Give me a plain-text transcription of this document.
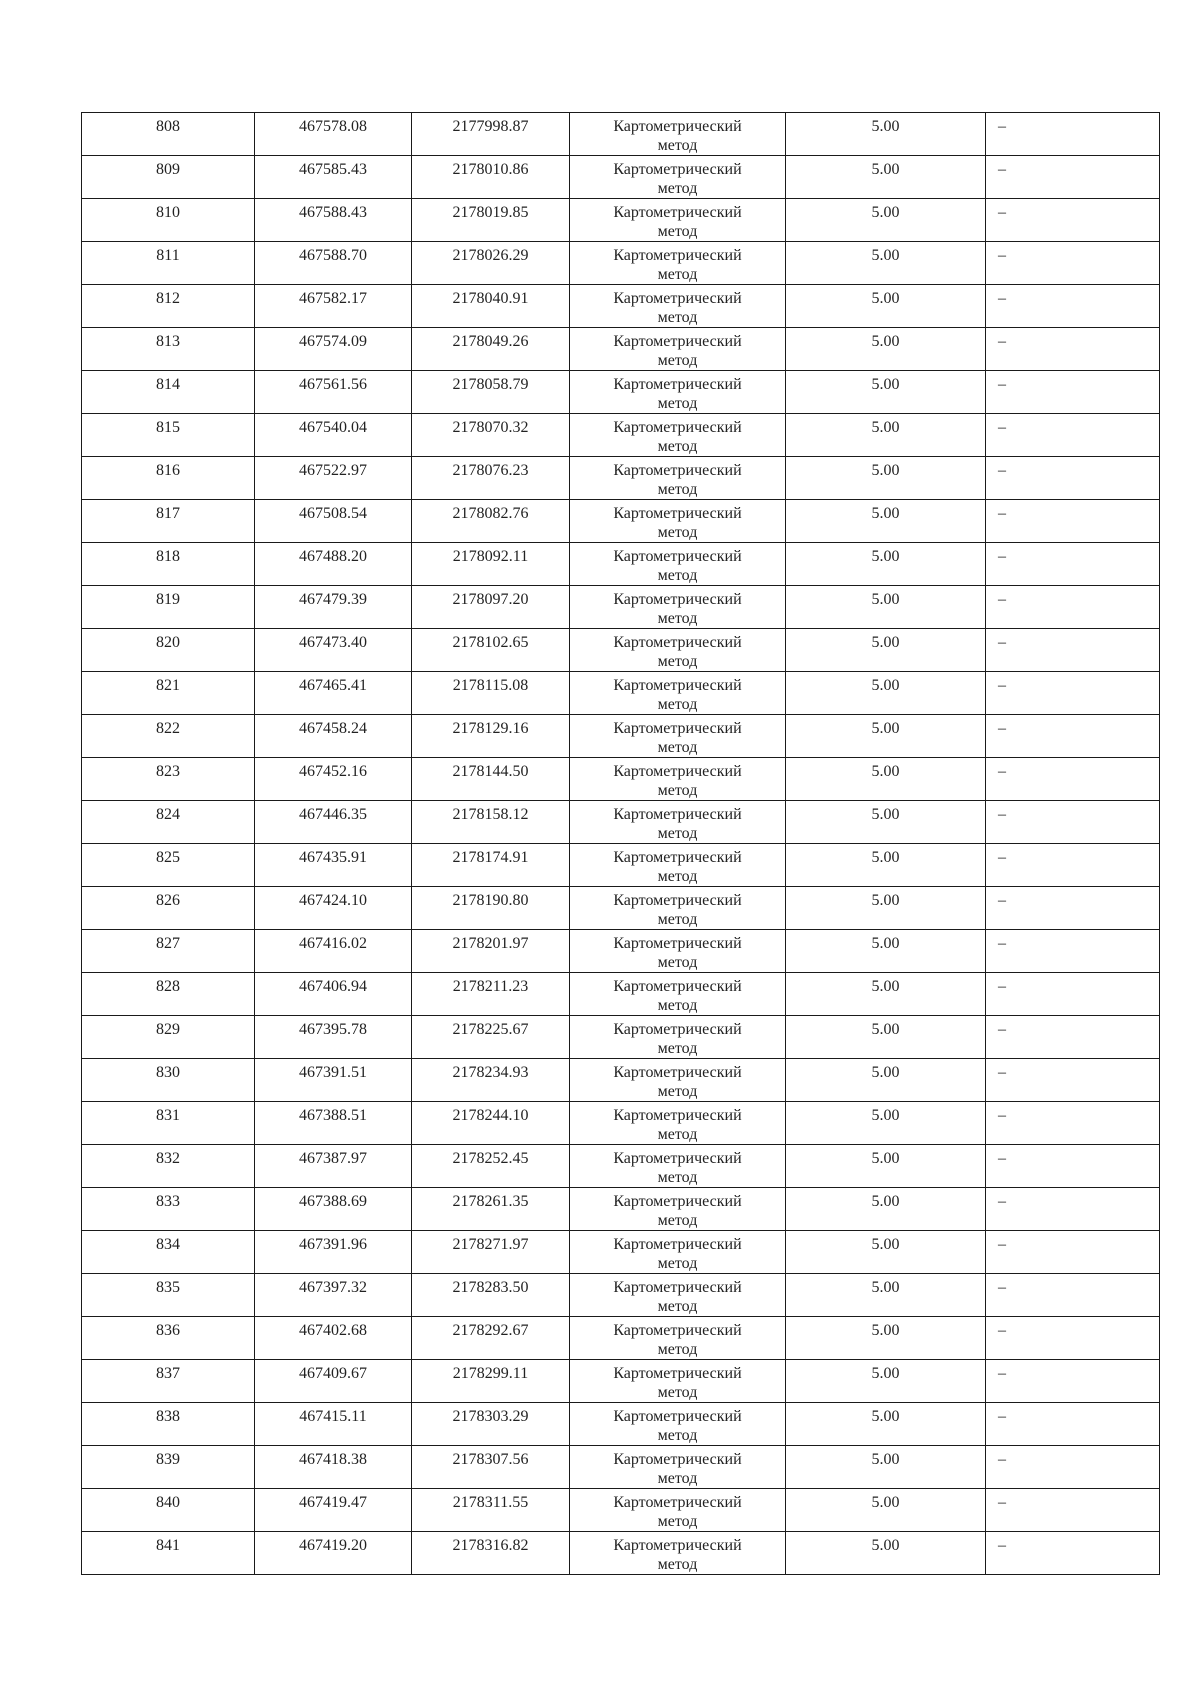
808	467578.08	2177998.87	Картометрический
метод	5.00	–
809	467585.43	2178010.86	Картометрический
метод	5.00	–
810	467588.43	2178019.85	Картометрический
метод	5.00	–
811	467588.70	2178026.29	Картометрический
метод	5.00	–
812	467582.17	2178040.91	Картометрический
метод	5.00	–
813	467574.09	2178049.26	Картометрический
метод	5.00	–
814	467561.56	2178058.79	Картометрический
метод	5.00	–
815	467540.04	2178070.32	Картометрический
метод	5.00	–
816	467522.97	2178076.23	Картометрический
метод	5.00	–
817	467508.54	2178082.76	Картометрический
метод	5.00	–
818	467488.20	2178092.11	Картометрический
метод	5.00	–
819	467479.39	2178097.20	Картометрический
метод	5.00	–
820	467473.40	2178102.65	Картометрический
метод	5.00	–
821	467465.41	2178115.08	Картометрический
метод	5.00	–
822	467458.24	2178129.16	Картометрический
метод	5.00	–
823	467452.16	2178144.50	Картометрический
метод	5.00	–
824	467446.35	2178158.12	Картометрический
метод	5.00	–
825	467435.91	2178174.91	Картометрический
метод	5.00	–
826	467424.10	2178190.80	Картометрический
метод	5.00	–
827	467416.02	2178201.97	Картометрический
метод	5.00	–
828	467406.94	2178211.23	Картометрический
метод	5.00	–
829	467395.78	2178225.67	Картометрический
метод	5.00	–
830	467391.51	2178234.93	Картометрический
метод	5.00	–
831	467388.51	2178244.10	Картометрический
метод	5.00	–
832	467387.97	2178252.45	Картометрический
метод	5.00	–
833	467388.69	2178261.35	Картометрический
метод	5.00	–
834	467391.96	2178271.97	Картометрический
метод	5.00	–
835	467397.32	2178283.50	Картометрический
метод	5.00	–
836	467402.68	2178292.67	Картометрический
метод	5.00	–
837	467409.67	2178299.11	Картометрический
метод	5.00	–
838	467415.11	2178303.29	Картометрический
метод	5.00	–
839	467418.38	2178307.56	Картометрический
метод	5.00	–
840	467419.47	2178311.55	Картометрический
метод	5.00	–
841	467419.20	2178316.82	Картометрический
метод	5.00	–
